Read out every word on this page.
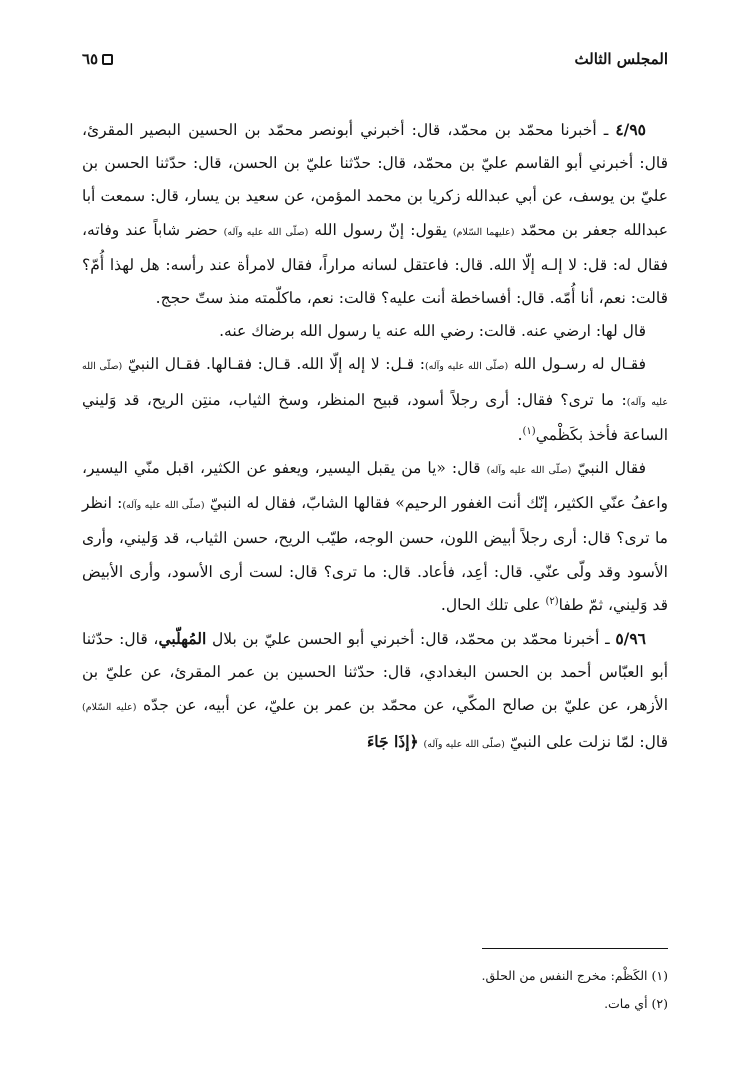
المجلس الثالث
٦٥

٤/٩٥ ـ أخبرنا محمّد بن محمّد، قال: أخبرني أبونصر محمّد بن الحسين البصير المقرئ، قال: أخبرني أبو القاسم عليّ بن محمّد، قال: حدّثنا عليّ بن الحسن، قال: حدّثنا الحسن بن عليّ بن يوسف، عن أبي عبدالله زكريا بن محمد المؤمن، عن سعيد بن يسار، قال: سمعت أبا عبدالله جعفر بن محمّد (عليهما السّلام) يقول: إنّ رسول الله (صلّى الله عليه وآله) حضر شاباً عند وفاته، فقال له: قل: لا إلـه إلّا الله. قال: فاعتقل لسانه مراراً، فقال لامرأة عند رأسه: هل لهذا أُمّ؟ قالت: نعم، أنا أُمّه. قال: أفساخطة أنت عليه؟ قالت: نعم، ماكلّمته منذ ستّ حجج.

قال لها: ارضي عنه. قالت: رضي الله عنه يا رسول الله برضاك عنه.

فقـال له رسـول الله (صلّى الله عليه وآله): قـل: لا إله إلّا الله. قـال: فقـالها. فقـال النبيّ (صلّى الله عليه وآله): ما ترى؟ فقال: أرى رجلاً أسود، قبيح المنظر، وسخ الثياب، منتِن الريح، قد وَليني الساعة فأخذ بكَظْمي$^{(١)}$.

فقال النبيّ (صلّى الله عليه وآله) قال: «يا من يقبل اليسير، ويعفو عن الكثير، اقبل منّي اليسير، واعفُ عنّي الكثير، إنّك أنت الغفور الرحيم» فقالها الشابّ، فقال له النبيّ (صلّى الله عليه وآله): انظر ما ترى؟ قال: أرى رجلاً أبيض اللون، حسن الوجه، طيّب الريح، حسن الثياب، قد وَليني، وأرى الأسود وقد ولّى عنّي. قال: أعِد، فأعاد. قال: ما ترى؟ قال: لست أرى الأسود، وأرى الأبيض قد وَليني، ثمّ طفا$^{(٢)}$ على تلك الحال.

٥/٩٦ ـ أخبرنا محمّد بن محمّد، قال: أخبرني أبو الحسن عليّ بن بلال المُهلّبي، قال: حدّثنا أبو العبّاس أحمد بن الحسن البغدادي، قال: حدّثنا الحسين بن عمر المقرئ، عن عليّ بن الأزهر، عن عليّ بن صالح المكّي، عن محمّد بن عمر بن عليّ، عن أبيه، عن جدّه (عليه السّلام) قال: لمّا نزلت على النبيّ (صلّى الله عليه وآله) ﴿إذَا جَاءَ

(١) الكَظْم: مخرج النفس من الحلق.

(٢) أي مات.
